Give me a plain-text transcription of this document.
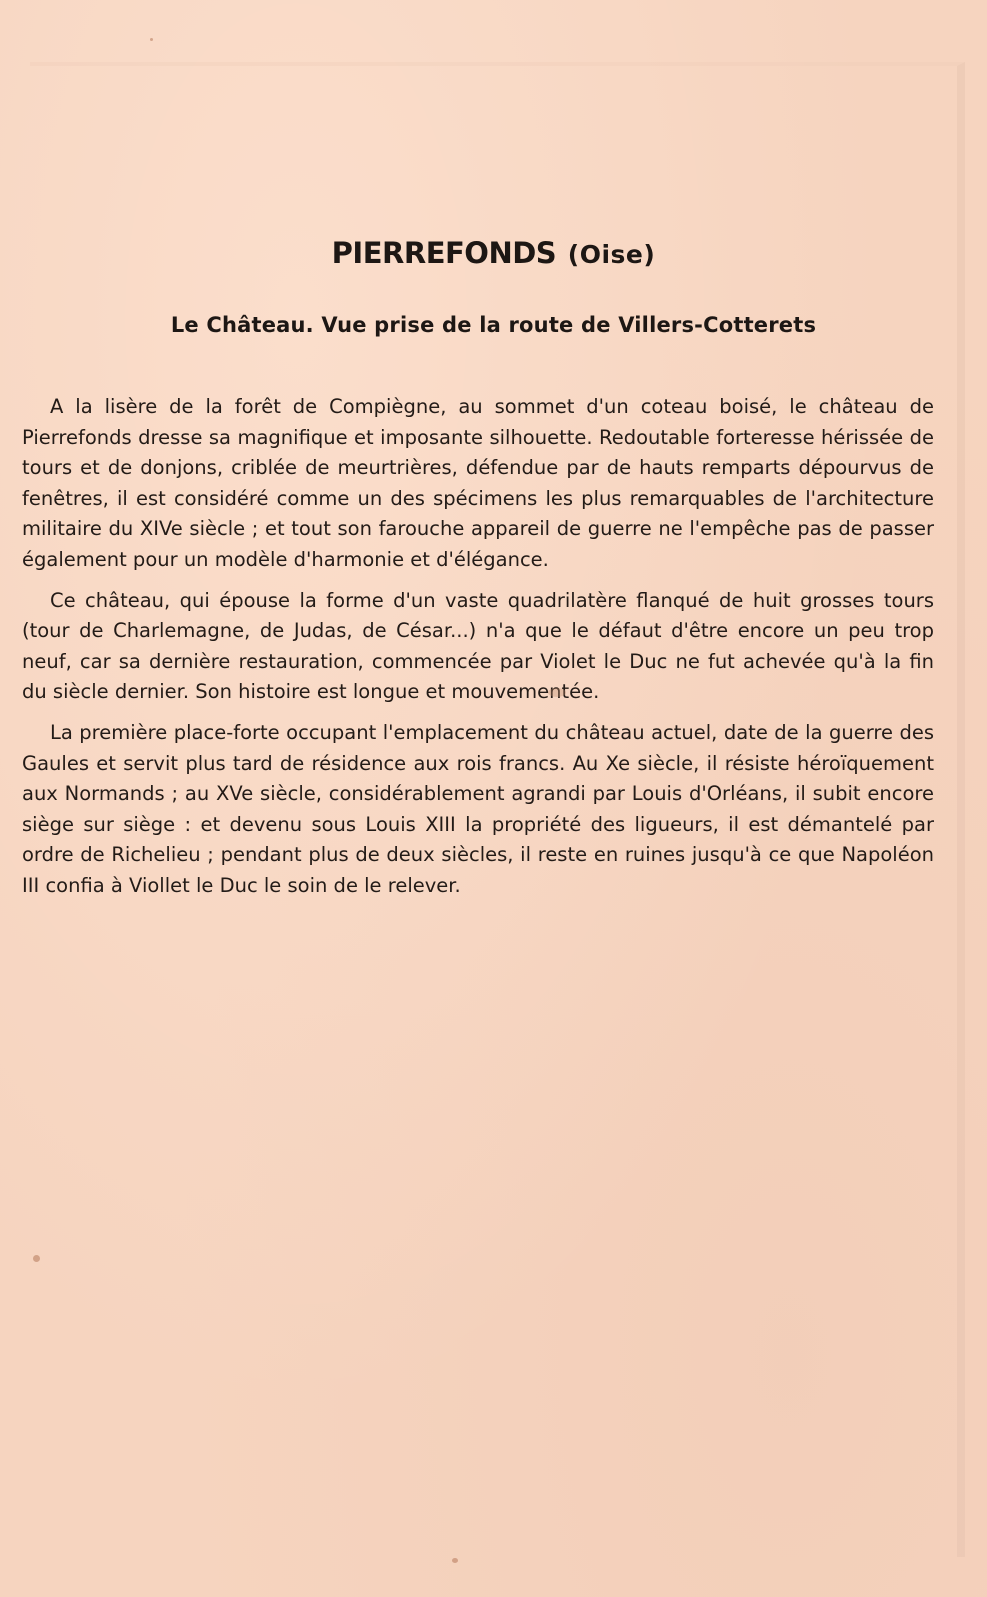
PIERREFONDS (Oise)
Le Château. Vue prise de la route de Villers-Cotterets

A la lisère de la forêt de Compiègne, au sommet d'un coteau boisé, le château de Pierrefonds dresse sa magnifique et imposante silhouette. Redoutable forteresse hérissée de tours et de donjons, criblée de meurtrières, défendue par de hauts remparts dépourvus de fenêtres, il est considéré comme un des spécimens les plus remarquables de l'architecture militaire du XIVe siècle ; et tout son farouche appareil de guerre ne l'empêche pas de passer également pour un modèle d'harmonie et d'élégance.

Ce château, qui épouse la forme d'un vaste quadrilatère flanqué de huit grosses tours (tour de Charlemagne, de Judas, de César...) n'a que le défaut d'être encore un peu trop neuf, car sa dernière restauration, commencée par Violet le Duc ne fut achevée qu'à la fin du siècle dernier. Son histoire est longue et mouvementée.

La première place-forte occupant l'emplacement du château actuel, date de la guerre des Gaules et servit plus tard de résidence aux rois francs. Au Xe siècle, il résiste héroïquement aux Normands ; au XVe siècle, considérablement agrandi par Louis d'Orléans, il subit encore siège sur siège : et devenu sous Louis XIII la propriété des ligueurs, il est démantelé par ordre de Richelieu ; pendant plus de deux siècles, il reste en ruines jusqu'à ce que Napoléon III confia à Viollet le Duc le soin de le relever.
